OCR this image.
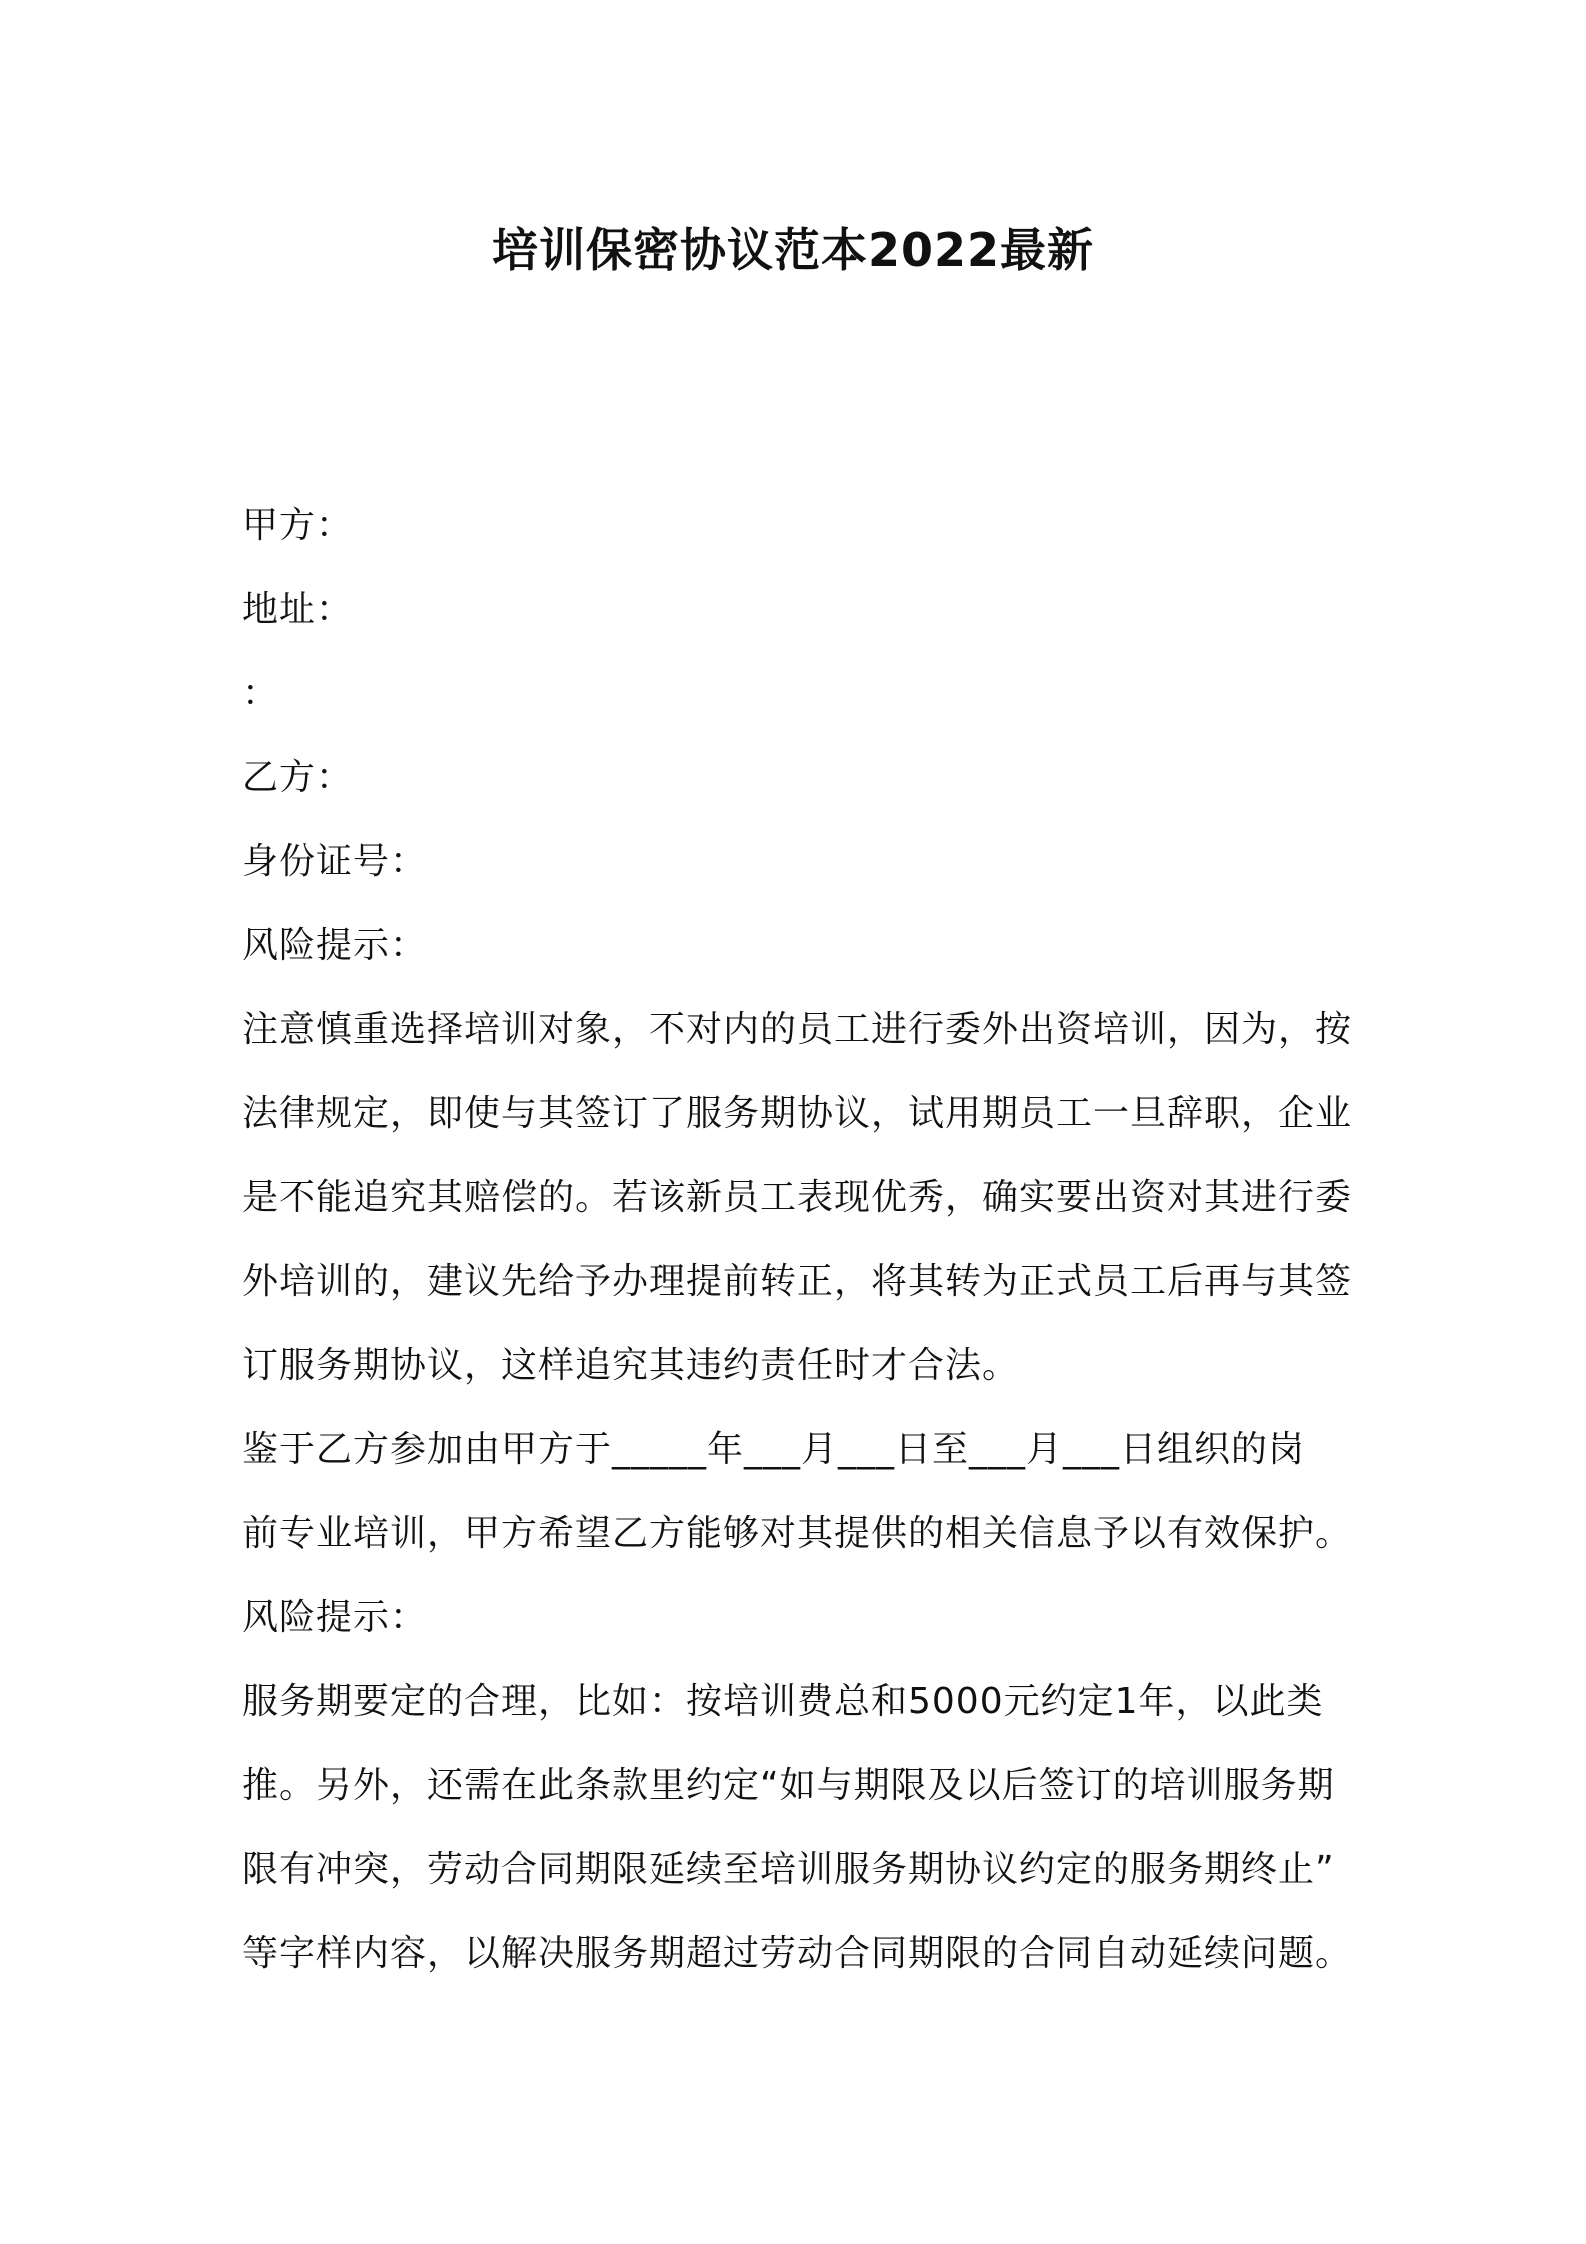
培训保密协议范本2022最新
甲方：
地址：
：
乙方：
身份证号：
风险提示：
注意慎重选择培训对象，不对内的员工进行委外出资培训，因为，按
法律规定，即使与其签订了服务期协议，试用期员工一旦辞职，企业
是不能追究其赔偿的。若该新员工表现优秀，确实要出资对其进行委
外培训的，建议先给予办理提前转正，将其转为正式员工后再与其签
订服务期协议，这样追究其违约责任时才合法。
鉴于乙方参加由甲方于_____年___月___日至___月___日组织的岗
前专业培训，甲方希望乙方能够对其提供的相关信息予以有效保护。
风险提示：
服务期要定的合理，比如：按培训费总和5000元约定1年，以此类
推。另外，还需在此条款里约定“如与期限及以后签订的培训服务期
限有冲突，劳动合同期限延续至培训服务期协议约定的服务期终止”
等字样内容，以解决服务期超过劳动合同期限的合同自动延续问题。
